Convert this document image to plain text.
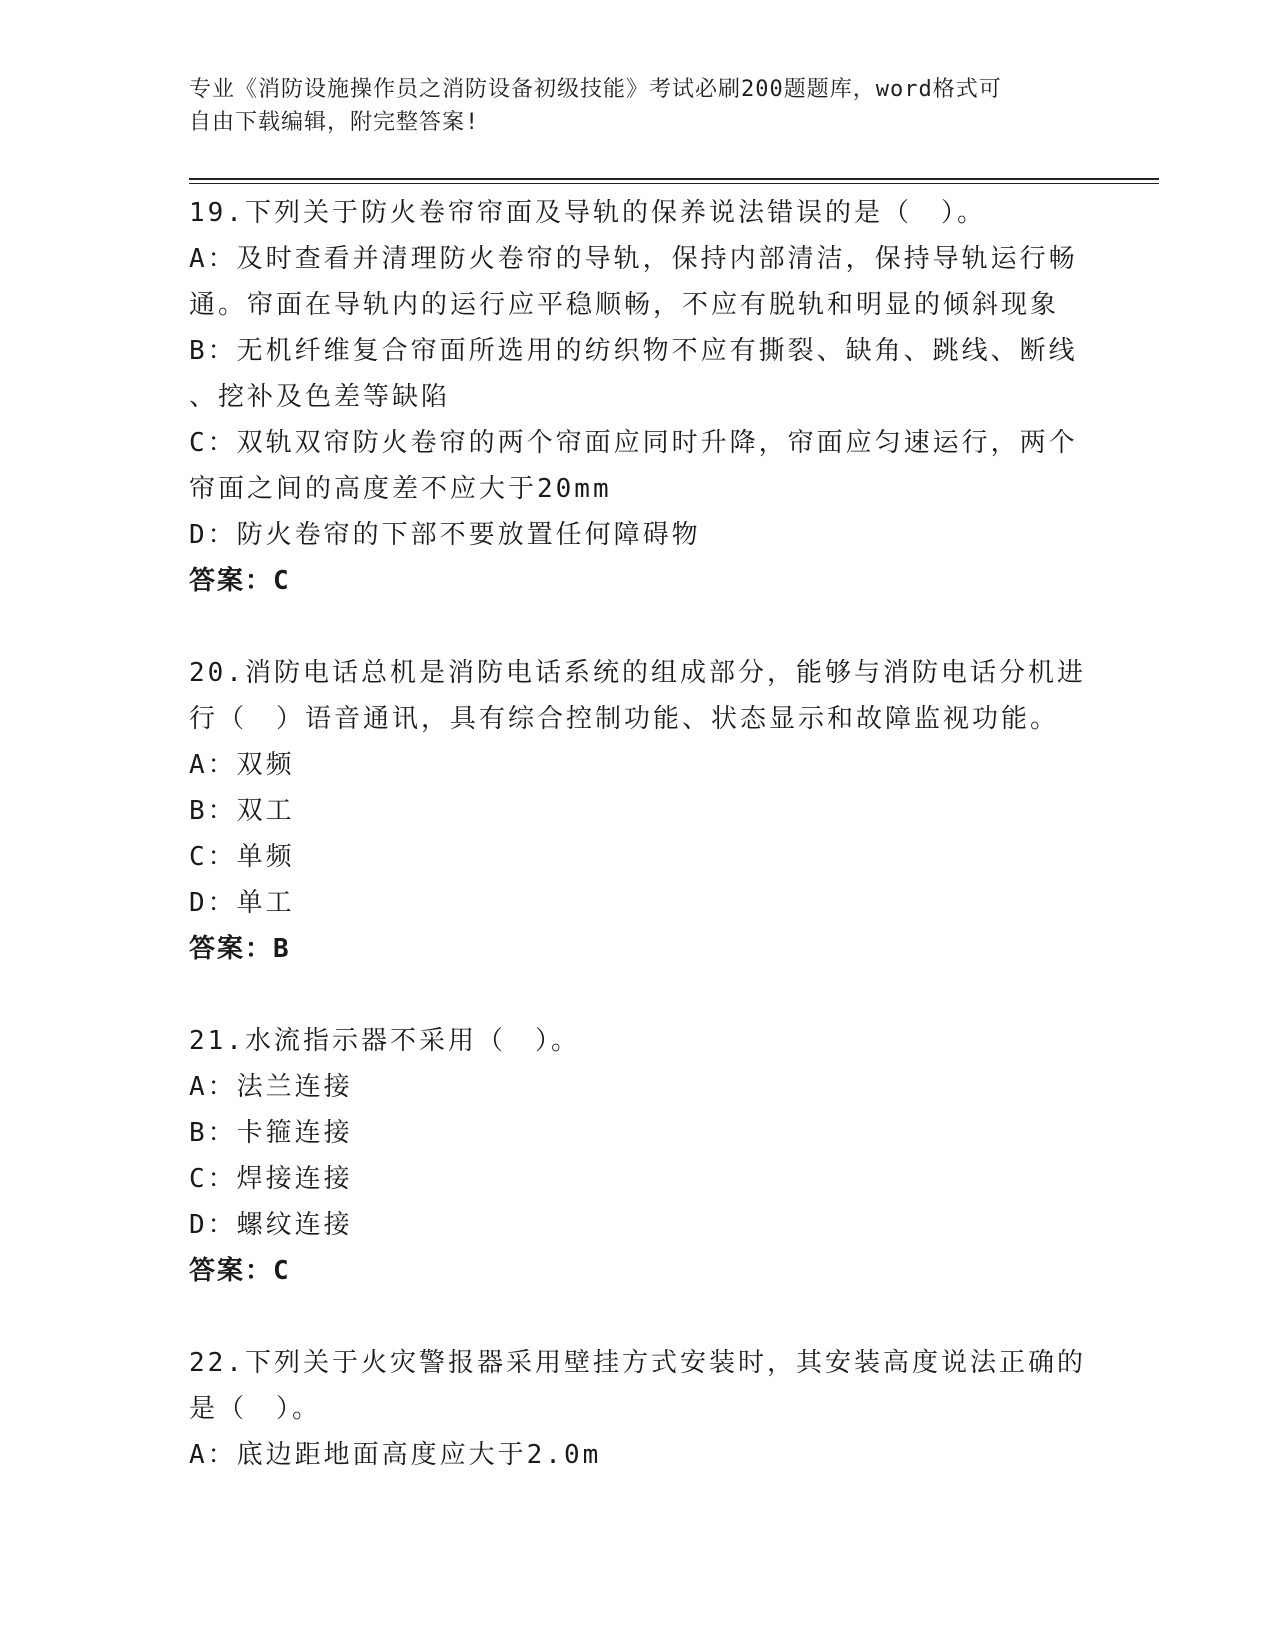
专业《消防设施操作员之消防设备初级技能》考试必刷200题题库，word格式可
自由下载编辑，附完整答案!
19.下列关于防火卷帘帘面及导轨的保养说法错误的是（　）。
A：及时查看并清理防火卷帘的导轨，保持内部清洁，保持导轨运行畅
通。帘面在导轨内的运行应平稳顺畅，不应有脱轨和明显的倾斜现象
B：无机纤维复合帘面所选用的纺织物不应有撕裂、缺角、跳线、断线
、挖补及色差等缺陷
C：双轨双帘防火卷帘的两个帘面应同时升降，帘面应匀速运行，两个
帘面之间的高度差不应大于20mm
D：防火卷帘的下部不要放置任何障碍物
答案：C
20.消防电话总机是消防电话系统的组成部分，能够与消防电话分机进
行（　）语音通讯，具有综合控制功能、状态显示和故障监视功能。
A：双频
B：双工
C：单频
D：单工
答案：B
21.水流指示器不采用（　）。
A：法兰连接
B：卡箍连接
C：焊接连接
D：螺纹连接
答案：C
22.下列关于火灾警报器采用壁挂方式安装时，其安装高度说法正确的
是（　）。
A：底边距地面高度应大于2.0m
